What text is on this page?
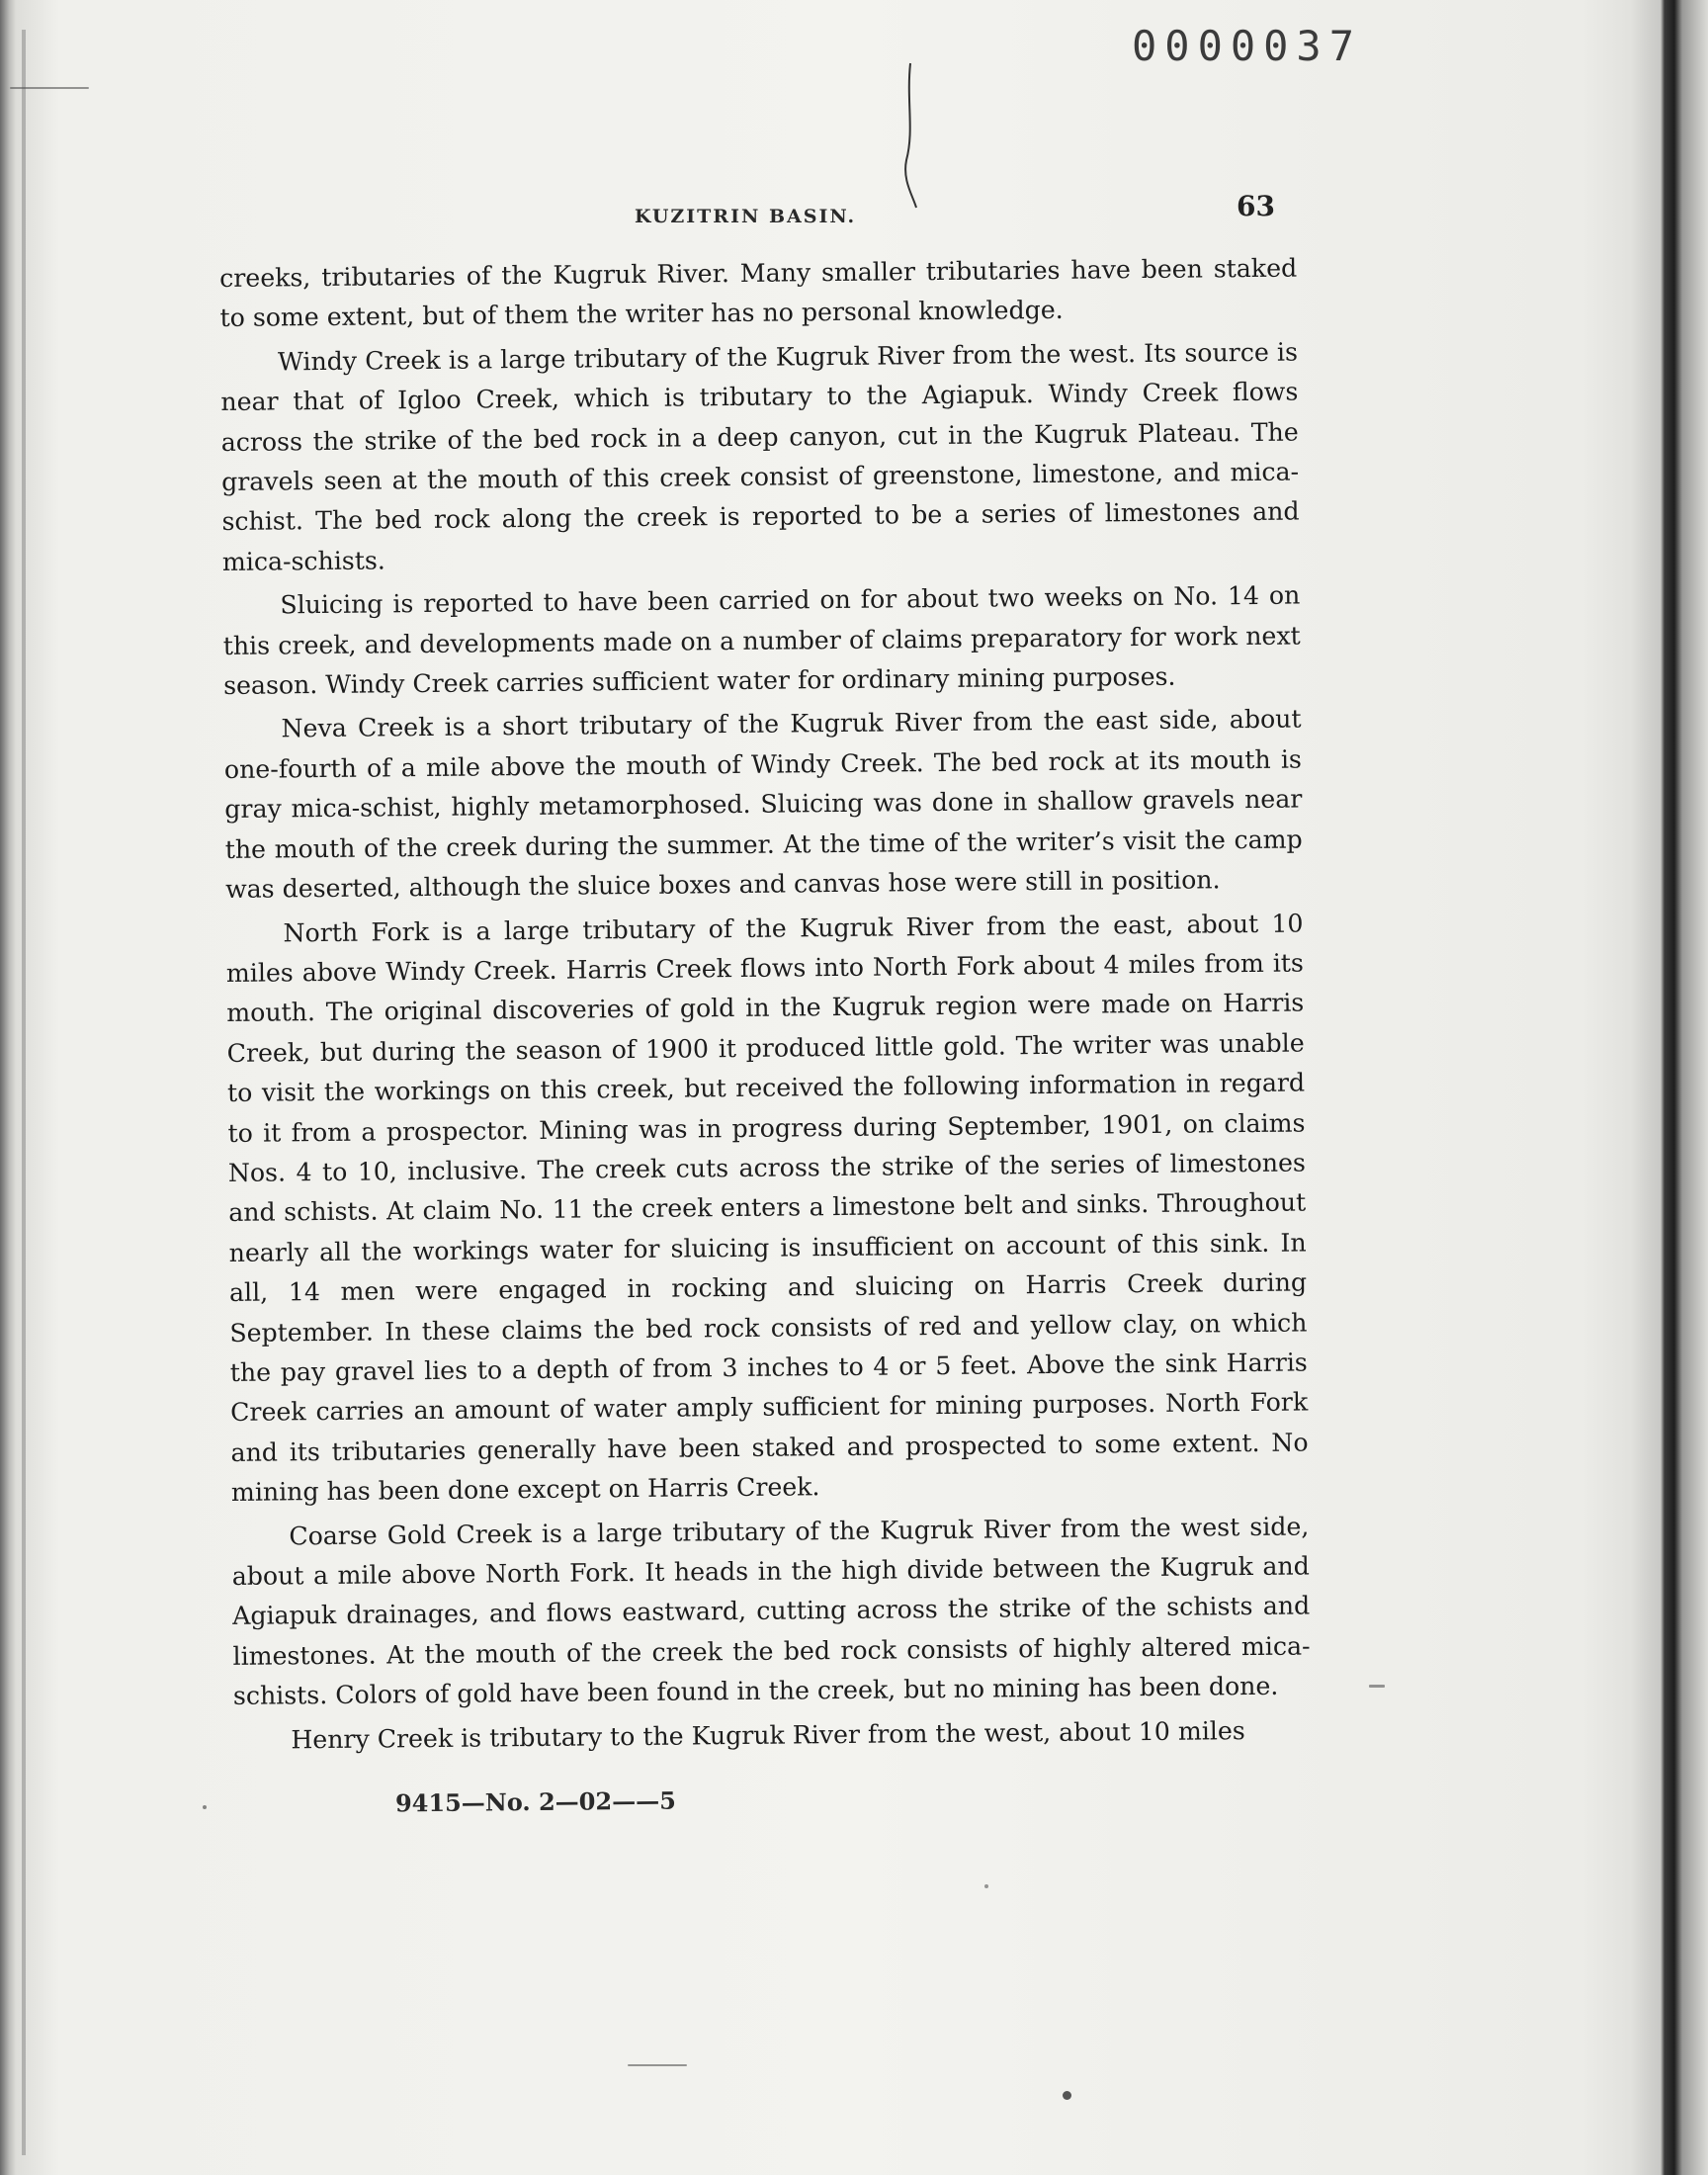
0000037
KUZITRIN BASIN.	63

creeks, tributaries of the Kugruk River. Many smaller tributaries have been staked to some extent, but of them the writer has no personal knowledge.

Windy Creek is a large tributary of the Kugruk River from the west. Its source is near that of Igloo Creek, which is tributary to the Agiapuk. Windy Creek flows across the strike of the bed rock in a deep canyon, cut in the Kugruk Plateau. The gravels seen at the mouth of this creek consist of greenstone, limestone, and mica-schist. The bed rock along the creek is reported to be a series of limestones and mica-schists.

Sluicing is reported to have been carried on for about two weeks on No. 14 on this creek, and developments made on a number of claims preparatory for work next season. Windy Creek carries sufficient water for ordinary mining purposes.

Neva Creek is a short tributary of the Kugruk River from the east side, about one-fourth of a mile above the mouth of Windy Creek. The bed rock at its mouth is gray mica-schist, highly metamorphosed. Sluicing was done in shallow gravels near the mouth of the creek during the summer. At the time of the writer’s visit the camp was deserted, although the sluice boxes and canvas hose were still in position.

North Fork is a large tributary of the Kugruk River from the east, about 10 miles above Windy Creek. Harris Creek flows into North Fork about 4 miles from its mouth. The original discoveries of gold in the Kugruk region were made on Harris Creek, but during the season of 1900 it produced little gold. The writer was unable to visit the workings on this creek, but received the following information in regard to it from a prospector. Mining was in progress during September, 1901, on claims Nos. 4 to 10, inclusive. The creek cuts across the strike of the series of limestones and schists. At claim No. 11 the creek enters a limestone belt and sinks. Throughout nearly all the workings water for sluicing is insufficient on account of this sink. In all, 14 men were engaged in rocking and sluicing on Harris Creek during September. In these claims the bed rock consists of red and yellow clay, on which the pay gravel lies to a depth of from 3 inches to 4 or 5 feet. Above the sink Harris Creek carries an amount of water amply sufficient for mining purposes. North Fork and its tributaries generally have been staked and prospected to some extent. No mining has been done except on Harris Creek.

Coarse Gold Creek is a large tributary of the Kugruk River from the west side, about a mile above North Fork. It heads in the high divide between the Kugruk and Agiapuk drainages, and flows eastward, cutting across the strike of the schists and limestones. At the mouth of the creek the bed rock consists of highly altered mica-schists. Colors of gold have been found in the creek, but no mining has been done.

Henry Creek is tributary to the Kugruk River from the west, about 10 miles

9415—No. 2—02——5
